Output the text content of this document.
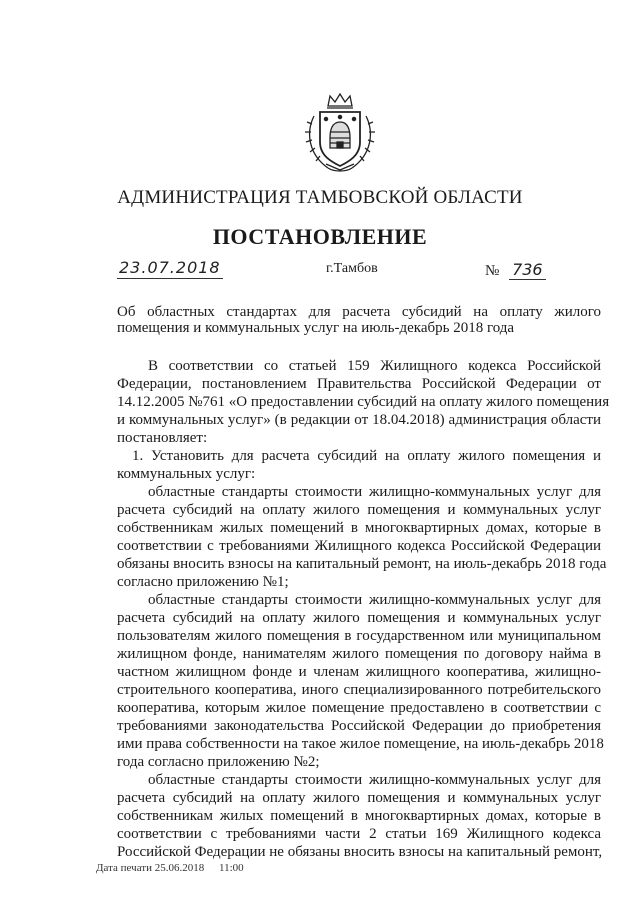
АДМИНИСТРАЦИЯ ТАМБОВСКОЙ ОБЛАСТИ
ПОСТАНОВЛЕНИЕ
23.07.2018	г.Тамбов	№ 736
Об областных стандартах для расчета субсидий на оплату жилого
помещения и коммунальных услуг на июль-декабрь 2018 года
В соответствии со статьей 159 Жилищного кодекса Российской
Федерации, постановлением Правительства Российской Федерации от
14.12.2005 №761 «О предоставлении субсидий на оплату жилого помещения
и коммунальных услуг» (в редакции от 18.04.2018) администрация области
постановляет:
1. Установить для расчета субсидий на оплату жилого помещения и
коммунальных услуг:
областные стандарты стоимости жилищно-коммунальных услуг для
расчета субсидий на оплату жилого помещения и коммунальных услуг
собственникам жилых помещений в многоквартирных домах, которые в
соответствии с требованиями Жилищного кодекса Российской Федерации
обязаны вносить взносы на капитальный ремонт, на июль-декабрь 2018 года
согласно приложению №1;
областные стандарты стоимости жилищно-коммунальных услуг для
расчета субсидий на оплату жилого помещения и коммунальных услуг
пользователям жилого помещения в государственном или муниципальном
жилищном фонде, нанимателям жилого помещения по договору найма в
частном жилищном фонде и членам жилищного кооператива, жилищно-
строительного кооператива, иного специализированного потребительского
кооператива, которым жилое помещение предоставлено в соответствии с
требованиями законодательства Российской Федерации до приобретения
ими права собственности на такое жилое помещение, на июль-декабрь 2018
года согласно приложению №2;
областные стандарты стоимости жилищно-коммунальных услуг для
расчета субсидий на оплату жилого помещения и коммунальных услуг
собственникам жилых помещений в многоквартирных домах, которые в
соответствии с требованиями части 2 статьи 169 Жилищного кодекса
Российской Федерации не обязаны вносить взносы на капитальный ремонт,
Дата печати 25.06.2018 11:00
